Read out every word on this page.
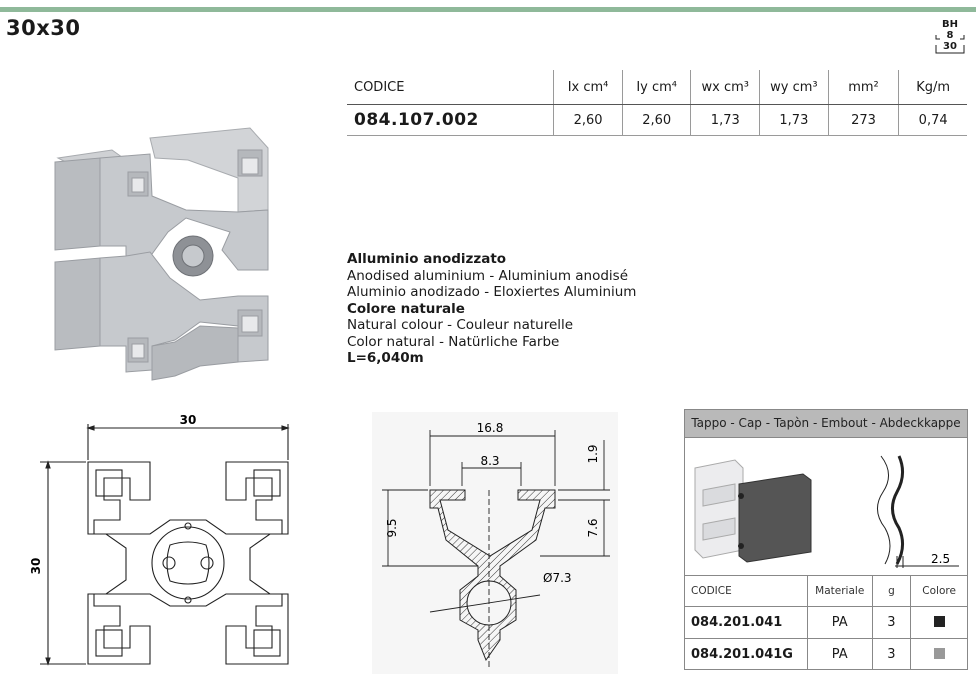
30x30	BH
8
30
CODICE	Ix cm⁴	Iy cm⁴	wx cm³	wy cm³	mm²	Kg/m
084.107.002	2,60	2,60	1,73	1,73	273	0,74
Alluminio anodizzato
Anodised aluminium - Aluminium anodisé
Aluminio anodizado - Eloxiertes Aluminium
Colore naturale
Natural colour - Couleur naturelle
Color natural - Natürliche Farbe
L=6,040m
30
30
16.8
8.3	1.9
9.5	7.6
Ø7.3
Tappo - Cap - Tapòn - Embout - Abdeckkappe
2.5
CODICE	Materiale	g	Colore
084.201.041	PA	3	
084.201.041G	PA	3	
